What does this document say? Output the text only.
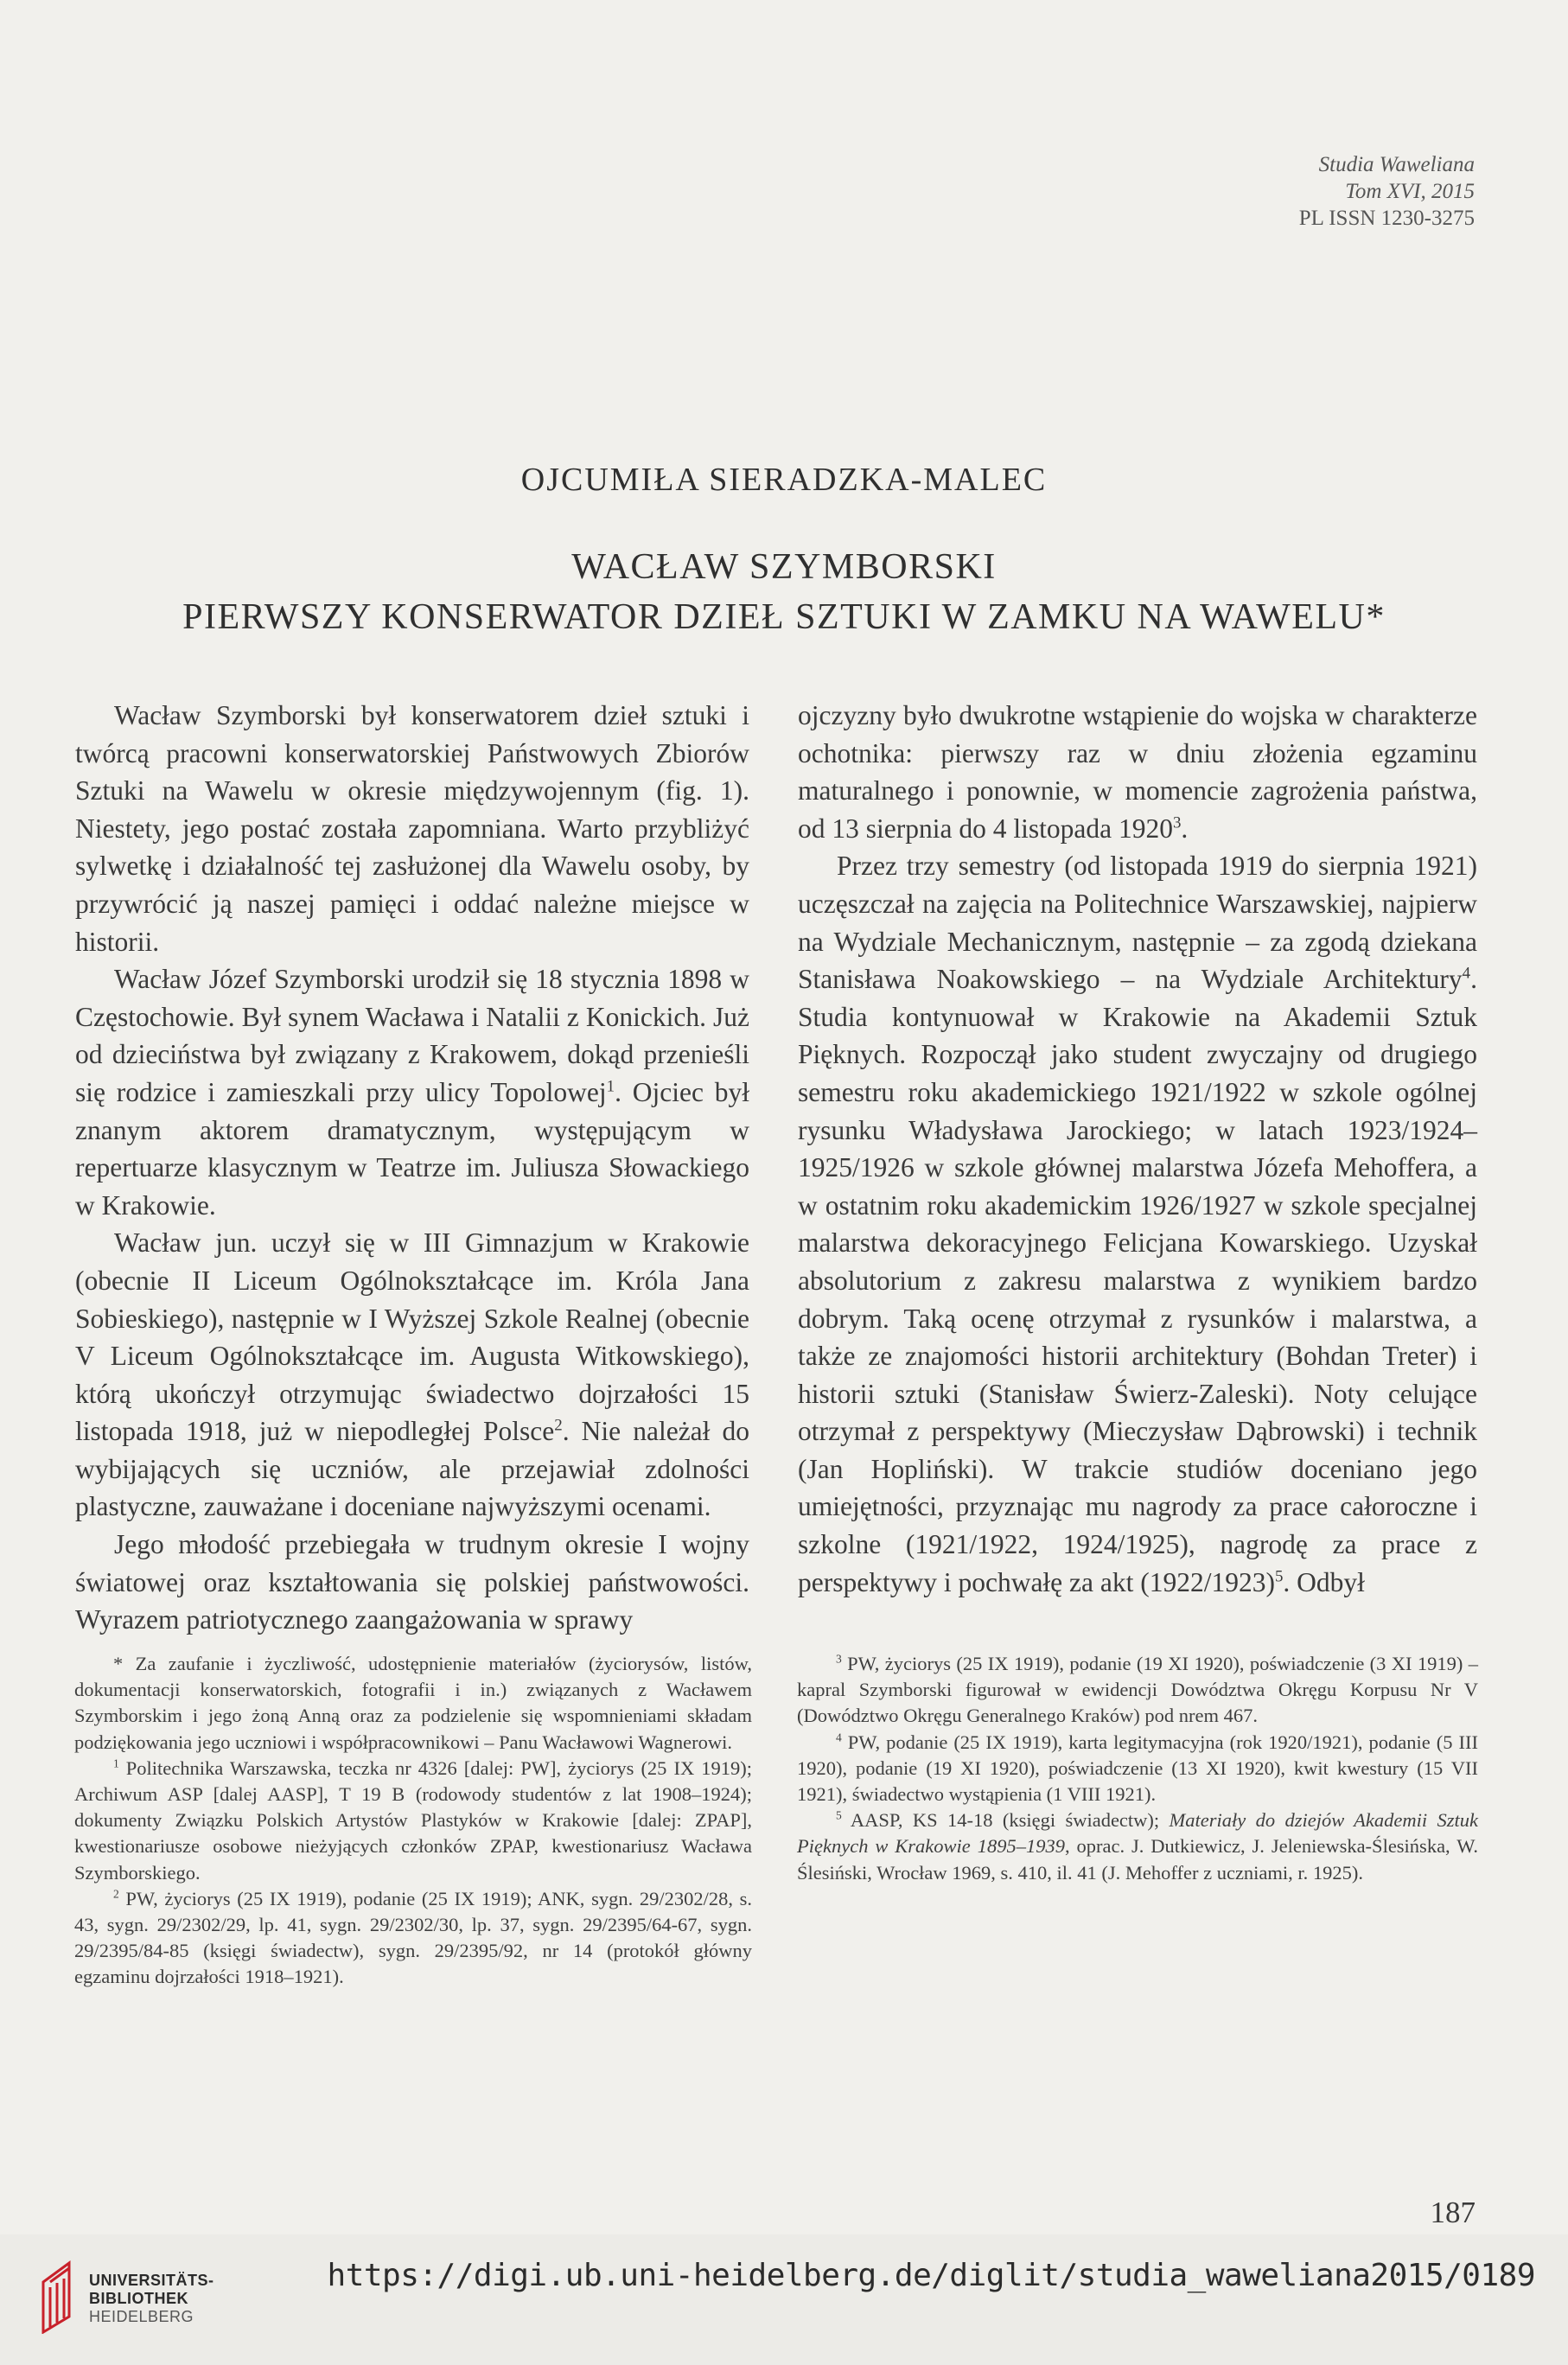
Studia Waweliana
Tom XVI, 2015
PL ISSN 1230-3275
OJCUMIŁA SIERADZKA-MALEC
WACŁAW SZYMBORSKI
PIERWSZY KONSERWATOR DZIEŁ SZTUKI W ZAMKU NA WAWELU*

Wacław Szymborski był konserwatorem dzieł sztuki i twórcą pracowni konserwatorskiej Państwowych Zbiorów Sztuki na Wawelu w okresie międzywojennym (fig. 1). Niestety, jego postać została zapomniana. Warto przybliżyć sylwetkę i działalność tej zasłużonej dla Wawelu osoby, by przywrócić ją naszej pamięci i oddać należne miejsce w historii.

Wacław Józef Szymborski urodził się 18 stycznia 1898 w Częstochowie. Był synem Wacława i Natalii z Konickich. Już od dzieciństwa był związany z Krakowem, dokąd przenieśli się rodzice i zamieszkali przy ulicy Topolowej$^1$. Ojciec był znanym aktorem dramatycznym, występującym w repertuarze klasycznym w Teatrze im. Juliusza Słowackiego w Krakowie.

Wacław jun. uczył się w III Gimnazjum w Krakowie (obecnie II Liceum Ogólnokształcące im. Króla Jana Sobieskiego), następnie w I Wyższej Szkole Realnej (obecnie V Liceum Ogólnokształcące im. Augusta Witkowskiego), którą ukończył otrzymując świadectwo dojrzałości 15 listopada 1918, już w niepodległej Polsce$^2$. Nie należał do wybijających się uczniów, ale przejawiał zdolności plastyczne, zauważane i doceniane najwyższymi ocenami.

Jego młodość przebiegała w trudnym okresie I wojny światowej oraz kształtowania się polskiej państwowości. Wyrazem patriotycznego zaangażowania w sprawy

ojczyzny było dwukrotne wstąpienie do wojska w charakterze ochotnika: pierwszy raz w dniu złożenia egzaminu maturalnego i ponownie, w momencie zagrożenia państwa, od 13 sierpnia do 4 listopada 1920$^3$.

Przez trzy semestry (od listopada 1919 do sierpnia 1921) uczęszczał na zajęcia na Politechnice Warszawskiej, najpierw na Wydziale Mechanicznym, następnie – za zgodą dziekana Stanisława Noakowskiego – na Wydziale Architektury$^4$. Studia kontynuował w Krakowie na Akademii Sztuk Pięknych. Rozpoczął jako student zwyczajny od drugiego semestru roku akademickiego 1921/1922 w szkole ogólnej rysunku Władysława Jarockiego; w latach 1923/1924–1925/1926 w szkole głównej malarstwa Józefa Mehoffera, a w ostatnim roku akademickim 1926/1927 w szkole specjalnej malarstwa dekoracyjnego Felicjana Kowarskiego. Uzyskał absolutorium z zakresu malarstwa z wynikiem bardzo dobrym. Taką ocenę otrzymał z rysunków i malarstwa, a także ze znajomości historii architektury (Bohdan Treter) i historii sztuki (Stanisław Świerz-Zaleski). Noty celujące otrzymał z perspektywy (Mieczysław Dąbrowski) i technik (Jan Hopliński). W trakcie studiów doceniano jego umiejętności, przyznając mu nagrody za prace całoroczne i szkolne (1921/1922, 1924/1925), nagrodę za prace z perspektywy i pochwałę za akt $(1922/1923)^5$. Odbył

* Za zaufanie i życzliwość, udostępnienie materiałów (życiorysów, listów, dokumentacji konserwatorskich, fotografii i in.) związanych z Wacławem Szymborskim i jego żoną Anną oraz za podzielenie się wspomnieniami składam podziękowania jego uczniowi i współpracownikowi – Panu Wacławowi Wagnerowi.

$^1$ Politechnika Warszawska, teczka nr 4326 [dalej: PW], życiorys (25 IX 1919); Archiwum ASP [dalej AASP], T 19 B (rodowody studentów z lat 1908–1924); dokumenty Związku Polskich Artystów Plastyków w Krakowie [dalej: ZPAP], kwestionariusze osobowe nieżyjących członków ZPAP, kwestionariusz Wacława Szymborskiego.

$^2$ PW, życiorys (25 IX 1919), podanie (25 IX 1919); ANK, sygn. 29/2302/28, s. 43, sygn. 29/2302/29, lp. 41, sygn. 29/2302/30, lp. 37, sygn. 29/2395/64-67, sygn. 29/2395/84-85 (księgi świadectw), sygn. 29/2395/92, nr 14 (protokół główny egzaminu dojrzałości 1918–1921).

$^3$ PW, życiorys (25 IX 1919), podanie (19 XI 1920), poświadczenie (3 XI 1919) – kapral Szymborski figurował w ewidencji Dowództwa Okręgu Korpusu Nr V (Dowództwo Okręgu Generalnego Kraków) pod nrem 467.

$^4$ PW, podanie (25 IX 1919), karta legitymacyjna (rok 1920/1921), podanie (5 III 1920), podanie (19 XI 1920), poświadczenie (13 XI 1920), kwit kwestury (15 VII 1921), świadectwo wystąpienia (1 VIII 1921).

$^5$ AASP, KS 14-18 (księgi świadectw); Materiały do dziejów Akademii Sztuk Pięknych w Krakowie 1895–1939, oprac. J. Dutkiewicz, J. Jeleniewska-Ślesińska, W. Ślesiński, Wrocław 1969, s. 410, il. 41 (J. Mehoffer z uczniami, r. 1925).

187
UNIVERSITÄTS-
BIBLIOTHEK
HEIDELBERG
https://digi.ub.uni-heidelberg.de/diglit/studia_waweliana2015/0189
